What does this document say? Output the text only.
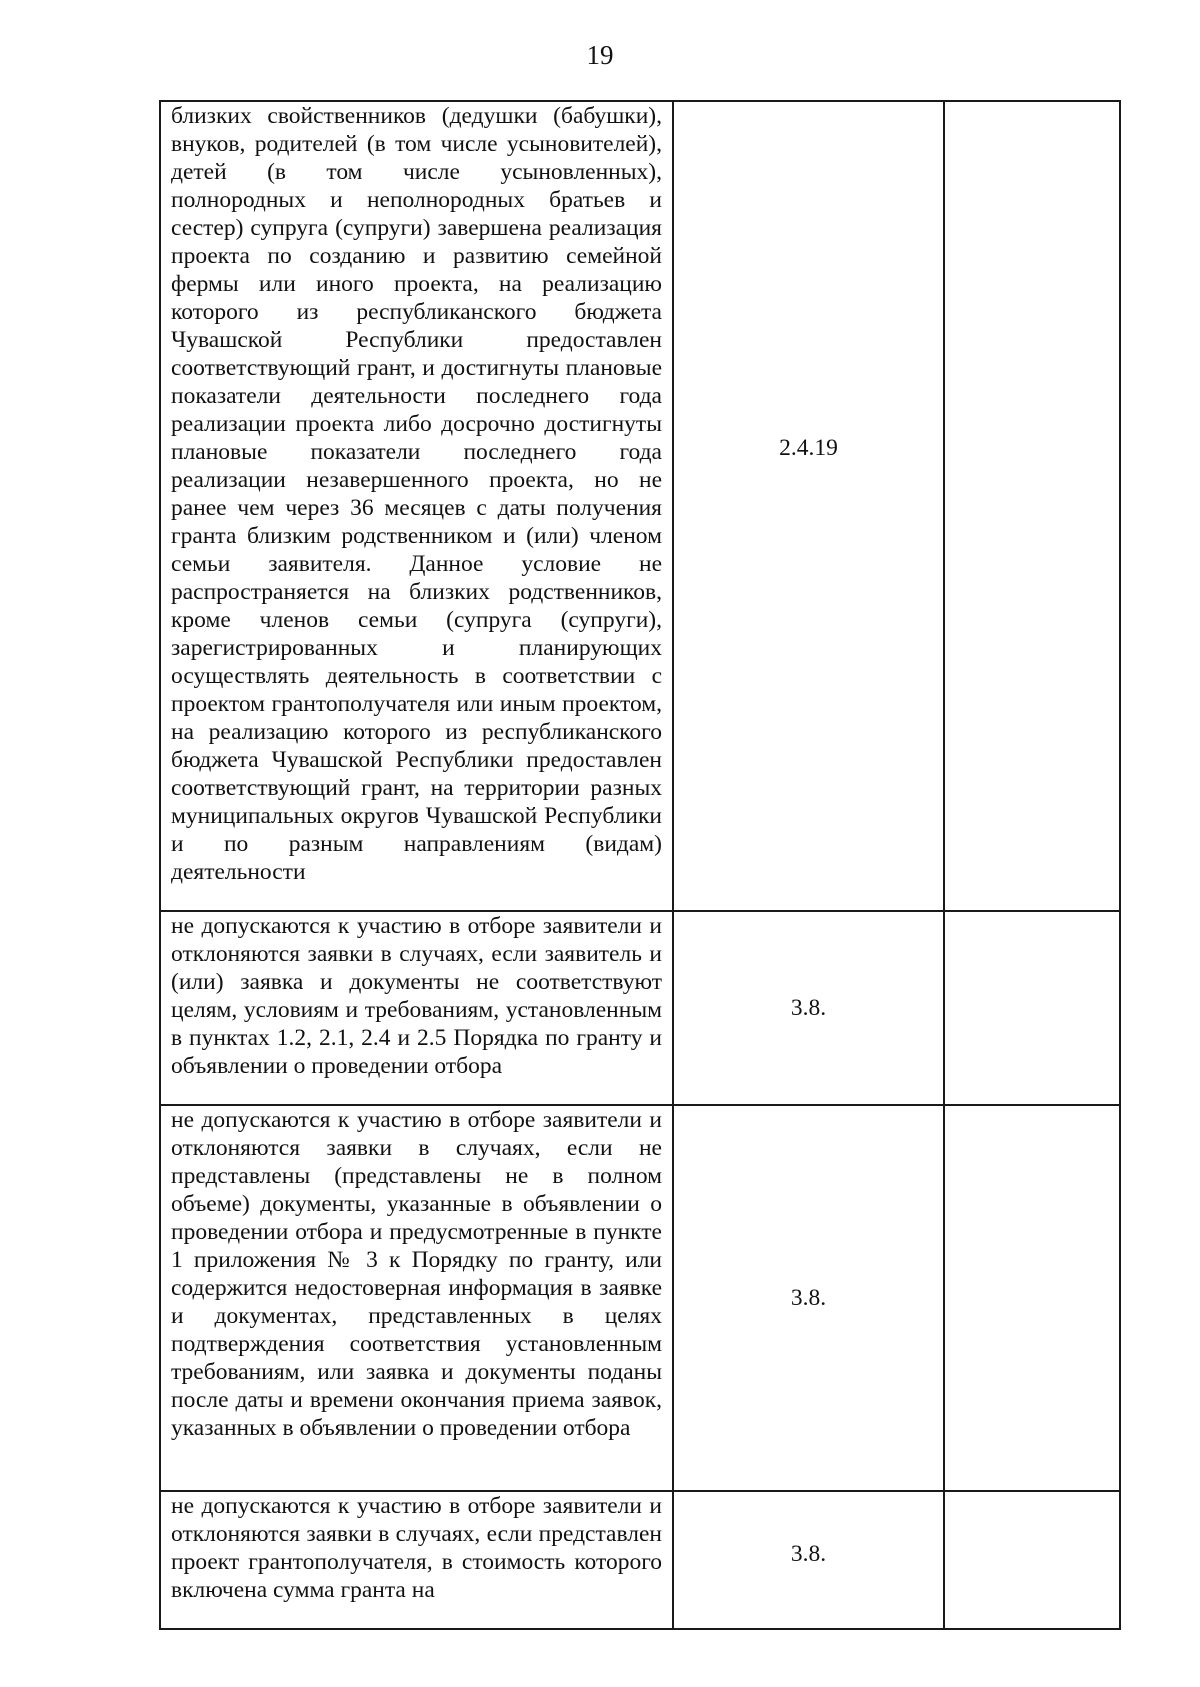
19
близких свойственников (дедушки (бабушки), внуков, родителей (в том числе усыновителей), детей (в том числе усыновленных), полнородных и неполнородных братьев и сестер) супруга (супруги) завершена реализация проекта по созданию и развитию семейной фермы или иного проекта, на реализацию которого из республиканского бюджета Чувашской Республики предоставлен соответствующий грант, и достигнуты плановые показатели деятельности последнего года реализации проекта либо досрочно достигнуты плановые показатели последнего года реализации незавершенного проекта, но не ранее чем через 36 месяцев с даты получения гранта близким родственником и (или) членом семьи заявителя. Данное условие не распространяется на близких родственников, кроме членов семьи (супруга (супруги), зарегистрированных и планирующих осуществлять деятельность в соответствии с проектом грантополучателя или иным проектом, на реализацию которого из республиканского бюджета Чувашской Республики предоставлен соответствующий грант, на территории разных муниципальных округов Чувашской Республики и по разным направлениям (видам) деятельности	2.4.19	
не допускаются к участию в отборе заявители и отклоняются заявки в случаях, если заявитель и (или) заявка и документы не соответствуют целям, условиям и требованиям, установленным в пунктах 1.2, 2.1, 2.4 и 2.5 Порядка по гранту и объявлении о проведении отбора	3.8.	
не допускаются к участию в отборе заявители и отклоняются заявки в случаях, если не представлены (представлены не в полном объеме) документы, указанные в объявлении о проведении отбора и предусмотренные в пункте 1 приложения № 3 к Порядку по гранту, или содержится недостоверная информация в заявке и документах, представленных в целях подтверждения соответствия установленным требованиям, или заявка и документы поданы после даты и времени окончания приема заявок, указанных в объявлении о проведении отбора	3.8.	
не допускаются к участию в отборе заявители и отклоняются заявки в случаях, если представлен проект грантополучателя, в стоимость которого включена сумма гранта на	3.8.	
